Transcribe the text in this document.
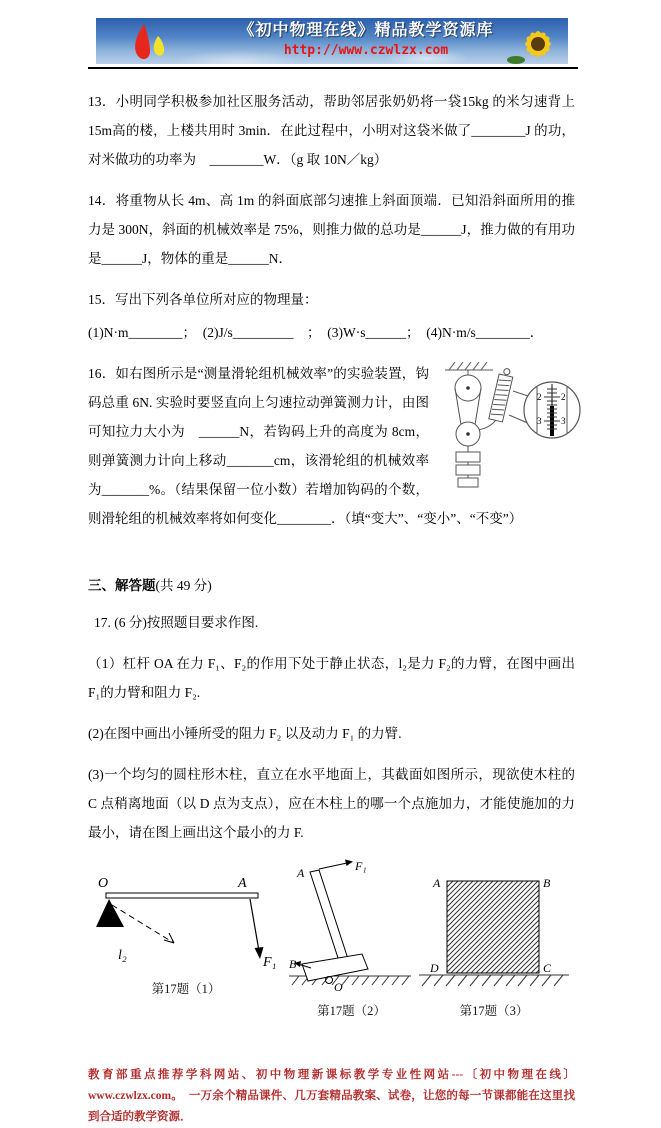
《初中物理在线》精品教学资源库
http://www.czwlzx.com

13．小明同学积极参加社区服务活动，帮助邻居张奶奶将一袋15kg 的米匀速背上 15m高的楼，上楼共用时 3min．在此过程中，小明对这袋米做了________J 的功，对米做功的功率为　________W．（g 取 10N／kg）

14．将重物从长 4m、高 1m 的斜面底部匀速推上斜面顶端．已知沿斜面所用的推力是 300N，斜面的机械效率是 75%，则推力做的总功是______J，推力做的有用功是______J，物体的重是______N．

15．写出下列各单位所对应的物理量：

(1)N·m________；　(2)J/s_________　；　(3)W·s______；　(4)N·m/s________．

2 2
3 3

16．如右图所示是“测量滑轮组机械效率”的实验装置，钩码总重 6N. 实验时要竖直向上匀速拉动弹簧测力计，由图可知拉力大小为　______N，若钩码上升的高度为 8cm，则弹簧测力计向上移动_______cm，该滑轮组的机械效率为_______%。（结果保留一位小数）若增加钩码的个数，则滑轮组的机械效率将如何变化________．（填“变大”、“变小”、“不变”）

三、解答题(共 49 分)

17. (6 分)按照题目要求作图.

（1）杠杆 OA 在力 F₁、F₂的作用下处于静止状态，l₂是力 F₂的力臂，在图中画出 F₁的力臂和阻力 F₂.

(2)在图中画出小锤所受的阻力 F₂ 以及动力 F₁ 的力臂.

(3)一个均匀的圆柱形木柱，直立在水平地面上，其截面如图所示，现欲使木柱的 C 点稍离地面（以 D 点为支点），应在木柱上的哪一个点施加力，才能使施加的力最小，请在图上画出这个最小的力 F.

O	A
F₁
l₂
第17题（1）
A	F₁
B
O
第17题（2）
A	B
C
D
第17题（3）
教育部重点推荐学科网站、初中物理新课标教学专业性网站---〔初中物理在线〕www.czwlzx.com。　一万余个精品课件、几万套精品教案、试卷，让您的每一节课都能在这里找到合适的教学资源．
